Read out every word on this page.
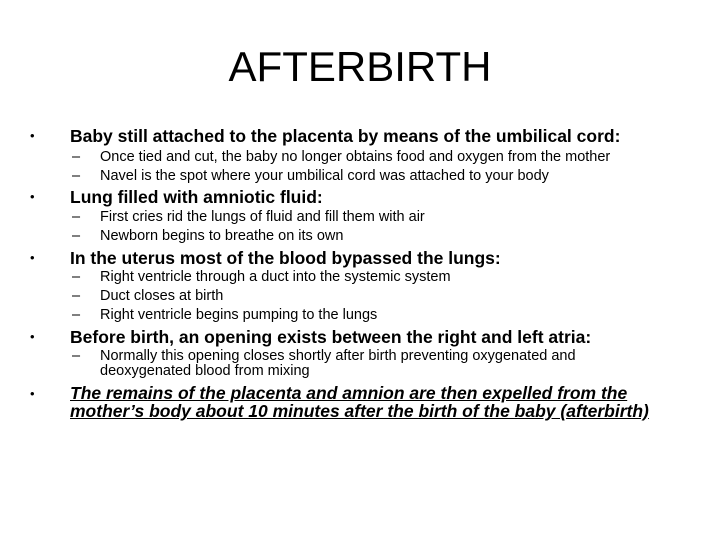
AFTERBIRTH
• Baby still attached to the placenta by means of the umbilical cord:
– Once tied and cut, the baby no longer obtains food and oxygen from the mother
– Navel is the spot where your umbilical cord was attached to your body
• Lung filled with amniotic fluid:
– First cries rid the lungs of fluid and fill them with air
– Newborn begins to breathe on its own
• In the uterus most of the blood bypassed the lungs:
– Right ventricle through a duct into the systemic system
– Duct closes at birth
– Right ventricle begins pumping to the lungs
• Before birth, an opening exists between the right and left atria:
– Normally this opening closes shortly after birth preventing oxygenated and deoxygenated blood from mixing
• The remains of the placenta and amnion are then expelled from the mother’s body about 10 minutes after the birth of the baby (afterbirth)
